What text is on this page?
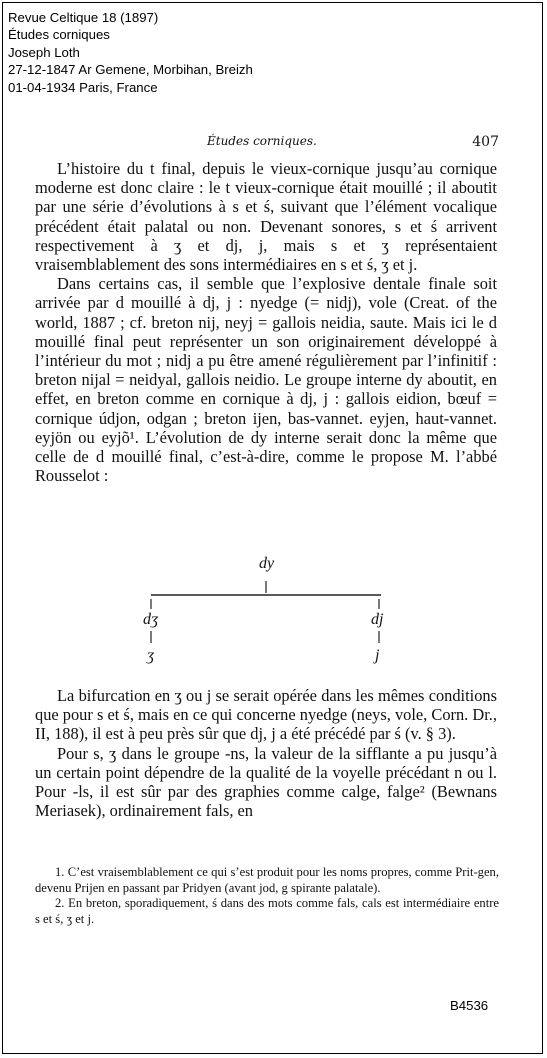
Revue Celtique 18 (1897)
Études corniques
Joseph Loth
27-12-1847 Ar Gemene, Morbihan, Breizh
01-04-1934 Paris, France
Études corniques.	407

L’histoire du t final, depuis le vieux-cornique jusqu’au cornique moderne est donc claire : le t vieux-cornique était mouillé ; il aboutit par une série d’évolutions à s et ś, suivant que l’élément vocalique précédent était palatal ou non. Devenant sonores, s et ś arrivent respectivement à ʒ et dj, j, mais s et ʒ représentaient vraisemblablement des sons intermédiaires en s et ś, ʒ et j.

Dans certains cas, il semble que l’explosive dentale finale soit arrivée par d mouillé à dj, j : nyedge (= nidj), vole (Creat. of the world, 1887 ; cf. breton nij, neyj = gallois neidia, saute. Mais ici le d mouillé final peut représenter un son originairement développé à l’intérieur du mot ; nidj a pu être amené régulièrement par l’infinitif : breton nijal = neidyal, gallois neidio. Le groupe interne dy aboutit, en effet, en breton comme en cornique à dj, j : gallois eidion, bœuf = cornique údjon, odgan ; breton ijen, bas-vannet. eyjen, haut-vannet. eyjön ou eyjõ¹. L’évolution de dy interne serait donc la même que celle de d mouillé final, c’est-à-dire, comme le propose M. l’abbé Rousselot :

dy
dʒ
ʒ
dj
j

La bifurcation en ʒ ou j se serait opérée dans les mêmes conditions que pour s et ś, mais en ce qui concerne nyedge (neys, vole, Corn. Dr., II, 188), il est à peu près sûr que dj, j a été précédé par ś (v. § 3).

Pour s, ʒ dans le groupe -ns, la valeur de la sifflante a pu jusqu’à un certain point dépendre de la qualité de la voyelle précédant n ou l. Pour -ls, il est sûr par des graphies comme calge, falge² (Bewnans Meriasek), ordinairement fals, en

1. C’est vraisemblablement ce qui s’est produit pour les noms propres, comme Prit-gen, devenu Prijen en passant par Pridyen (avant jod, g spirante palatale).

2. En breton, sporadiquement, ś dans des mots comme fals, cals est intermédiaire entre s et ś, ʒ et j.

B4536
